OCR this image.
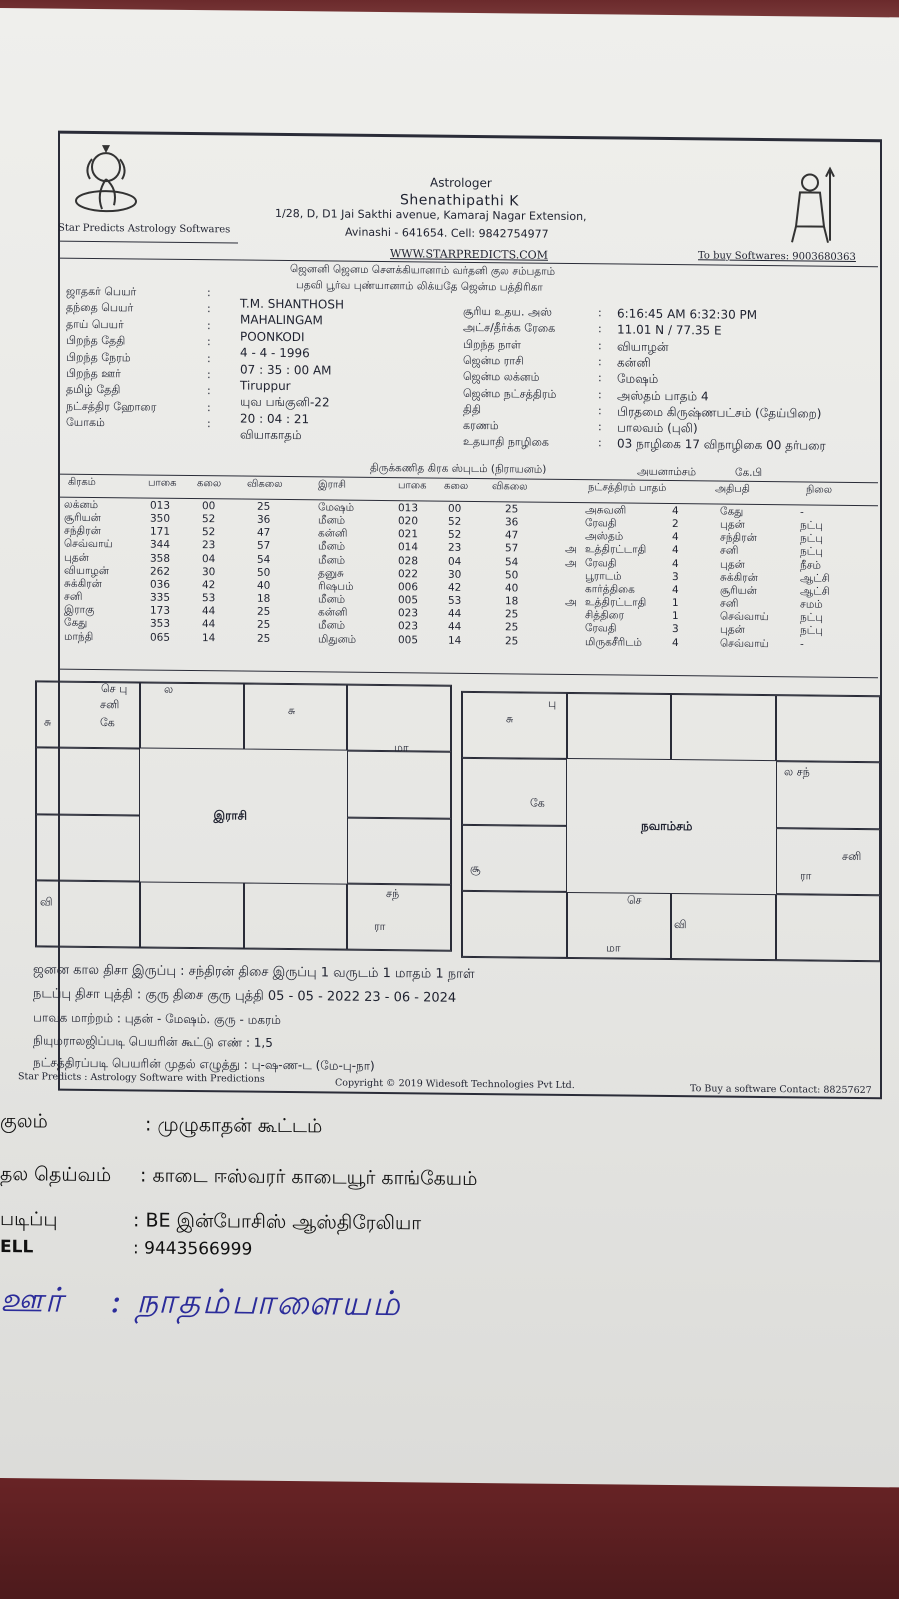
Astrologer
Shenathipathi K
1/28, D, D1 Jai Sakthi avenue, Kamaraj Nagar Extension,
Avinashi - 641654. Cell: 9842754977
Star Predicts Astrology Softwares
WWW.STARPREDICTS.COM	To buy Softwares: 9003680363
ஜெனனி ஜெனம சௌக்கியானாம் வர்தனி குல சம்பதாம்
பதவி பூர்வ புண்யானாம் லிக்யதே ஜென்ம பத்திரிகா
ஜாதகர் பெயர்	:
T.M. SHANTHOSH
தந்தை பெயர்	:
MAHALINGAM
தாய் பெயர்	:
POONKODI
பிறந்த தேதி	:
4 - 4 - 1996
பிறந்த நேரம்	:
07 : 35 : 00 AM
பிறந்த ஊர்	:
Tiruppur
தமிழ் தேதி	:
யுவ பங்குனி-22
நட்சத்திர ஹோரை	:
20 : 04 : 21
யோகம்	:
வியாகாதம்
சூரிய உதய. அஸ்	: 6:16:45 AM 6:32:30 PM
அட்ச/தீர்க்க ரேகை	: 11.01 N / 77.35 E
பிறந்த நாள்	: வியாழன்
ஜென்ம ராசி	: கன்னி
ஜென்ம லக்னம்	: மேஷம்
ஜென்ம நட்சத்திரம்	: அஸ்தம் பாதம் 4
திதி	: பிரதமை கிருஷ்ணபட்சம் (தேய்பிறை)
கரணம்	: பாலவம் (புலி)
உதயாதி நாழிகை	: 03 நாழிகை 17 விநாழிகை 00 தர்பரை
திருக்கணித கிரக ஸ்புடம் (நிராயனம்)	அயனாம்சம்	கே.பி
கிரகம்	பாகை கலை	விகலை	இராசி	பாகை கலை விகலை	நட்சத்திரம் பாதம்	அதிபதி	நிலை
லக்னம்	013	00	25	மேஷம்	013	00	25	அசுவனி	4	கேது	-
சூரியன்	350	52	36	மீனம்	020	52	36	ரேவதி	2	புதன்	நட்பு
சந்திரன்	171	52	47	கன்னி	021	52	47	அஸ்தம்	4	சந்திரன்	நட்பு
செவ்வாய்	344	23	57	மீனம்	014	23	57	அ உத்திரட்டாதி 4	சனி	நட்பு
புதன்	358	04	54	மீனம்	028	04	54	அ ரேவதி	4	புதன்	நீசம்
வியாழன்	262	30	50	தனுசு	022	30	50	பூராடம்	3	சுக்கிரன்	ஆட்சி
சுக்கிரன்	036	42	40	ரிஷபம்	006	42	40	கார்த்திகை	4	சூரியன்	ஆட்சி
சனி	335	53	18	மீனம்	005	53	18	அ உத்திரட்டாதி 1	சனி	சமம்
இராகு	173	44	25	கன்னி	023	44	25	சித்திரை	1	செவ்வாய்	நட்பு
கேது	353	44	25	மீனம்	023	44	25	ரேவதி	3	புதன்	நட்பு
மாந்தி	065	14	25	மிதுனம்	005	14	25	மிருகசீரிடம்	4	செவ்வாய்	-
இராசி
செ பு
சனி
கே
சு
ல
சு
மா
சந்
ரா
வி
நவாம்சம்
பு
சு
ல சந்
சனி
ரா
வி
செ
மா
கே
சூ
ஜனன கால திசா இருப்பு : சந்திரன் திசை இருப்பு 1 வருடம் 1 மாதம் 1 நாள்
நடப்பு திசா புத்தி : குரு திசை குரு புத்தி 05 - 05 - 2022 23 - 06 - 2024
பாவக மாற்றம் : புதன் - மேஷம். குரு - மகரம்
நியுமராலஜிப்படி பெயரின் கூட்டு எண் : 1,5
நட்சத்திரப்படி பெயரின் முதல் எழுத்து : பு-ஷ-ண-ட (மே-பு-நா)
Star Predicts : Astrology Software with Predictions	Copyright © 2019 Widesoft Technologies Pvt Ltd.	To Buy a software Contact: 88257627
குலம்	: முழுகாதன் கூட்டம்
தல தெய்வம் : காடை ஈஸ்வரர் காடையூர் காங்கேயம்
படிப்பு	: BE இன்போசிஸ் ஆஸ்திரேலியா
ELL	: 9443566999
ஊர் : நாதம்பாளையம்
